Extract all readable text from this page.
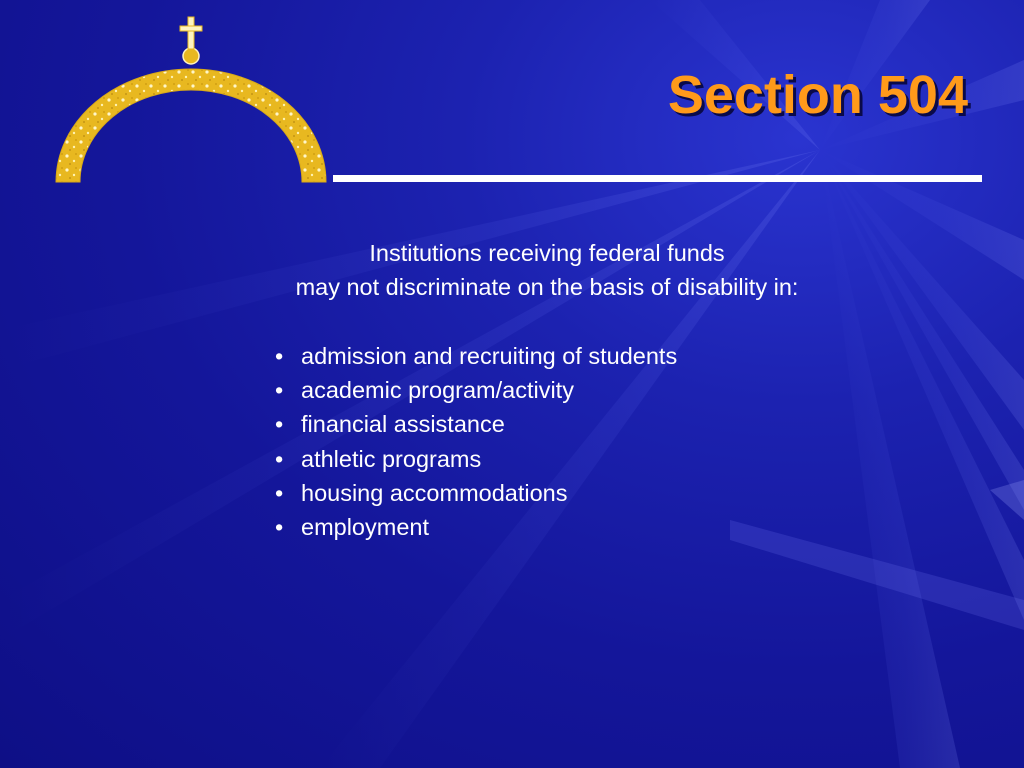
Section 504
Institutions receiving federal funds
may not discriminate on the basis of disability in:
• admission and recruiting of students
• academic program/activity
• financial assistance
• athletic programs
• housing accommodations
• employment
